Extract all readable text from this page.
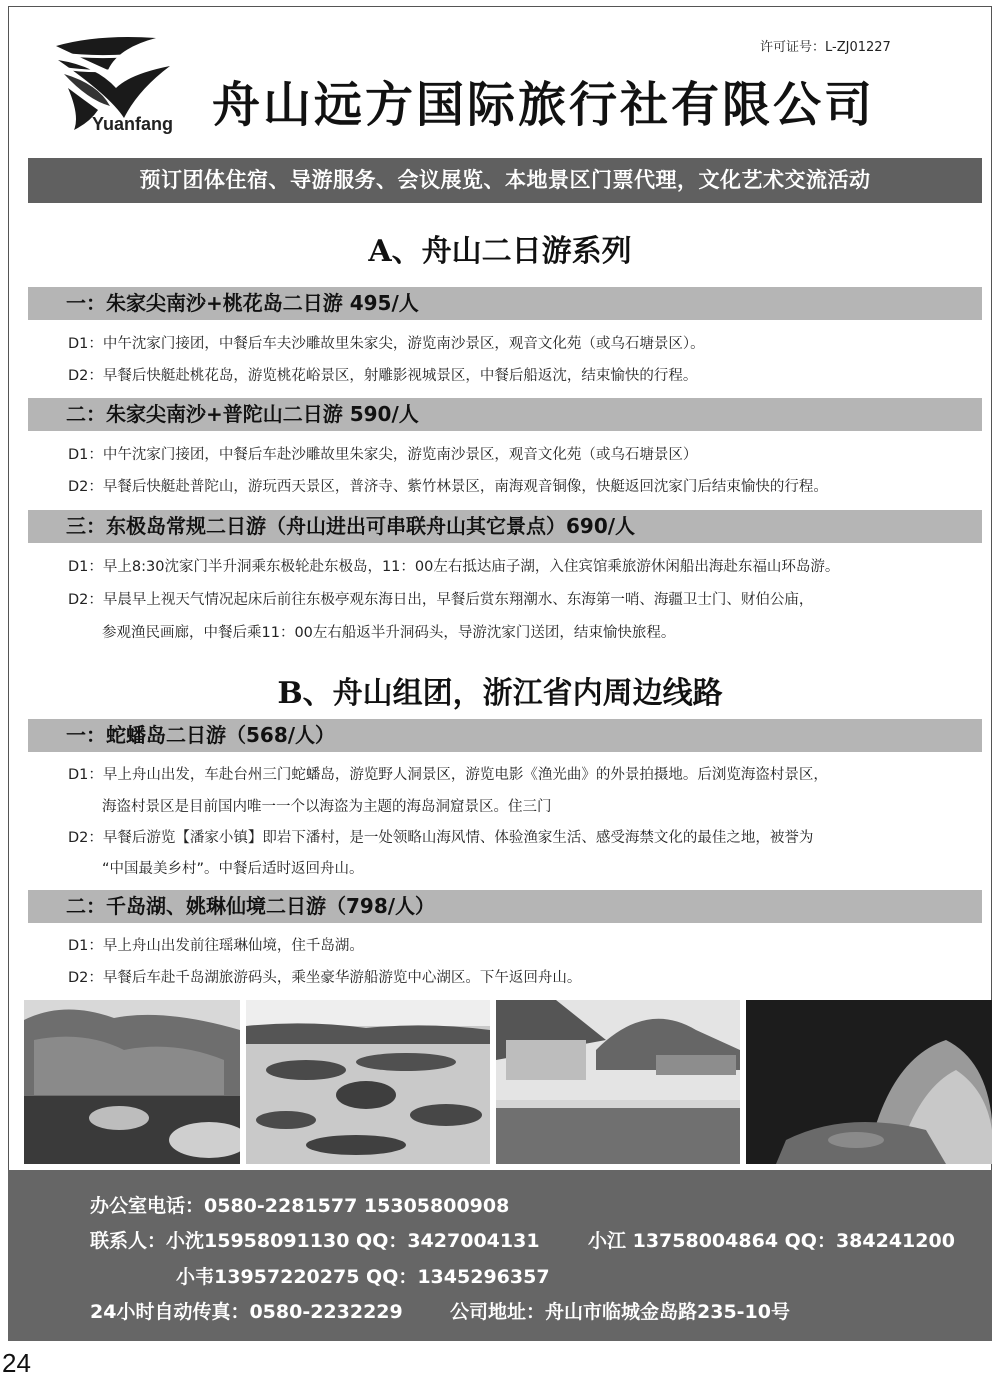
Yuanfang
许可证号：L-ZJ01227
舟山远方国际旅行社有限公司
预订团体住宿、导游服务、会议展览、本地景区门票代理，文化艺术交流活动
A、舟山二日游系列
一：朱家尖南沙+桃花岛二日游 495/人
D1：中午沈家门接团，中餐后车夫沙雕故里朱家尖，游览南沙景区，观音文化苑（或乌石塘景区）。
D2：早餐后快艇赴桃花岛，游览桃花峪景区，射雕影视城景区，中餐后船返沈，结束愉快的行程。
二：朱家尖南沙+普陀山二日游 590/人
D1：中午沈家门接团，中餐后车赴沙雕故里朱家尖，游览南沙景区，观音文化苑（或乌石塘景区）
D2：早餐后快艇赴普陀山，游玩西天景区，普济寺、紫竹林景区，南海观音铜像，快艇返回沈家门后结束愉快的行程。
三：东极岛常规二日游（舟山进出可串联舟山其它景点）690/人
D1：早上8:30沈家门半升洞乘东极轮赴东极岛，11：00左右抵达庙子湖，入住宾馆乘旅游休闲船出海赴东福山环岛游。
D2：早晨早上视天气情况起床后前往东极亭观东海日出，早餐后赏东翔潮水、东海第一哨、海疆卫士门、财伯公庙，
参观渔民画廊，中餐后乘11：00左右船返半升洞码头，导游沈家门送团，结束愉快旅程。
B、舟山组团，浙江省内周边线路
一：蛇蟠岛二日游（568/人）
D1：早上舟山出发，车赴台州三门蛇蟠岛，游览野人洞景区，游览电影《渔光曲》的外景拍摄地。后浏览海盗村景区，
海盗村景区是目前国内唯一一个以海盗为主题的海岛洞窟景区。住三门
D2：早餐后游览【潘家小镇】即岩下潘村，是一处领略山海风情、体验渔家生活、感受海禁文化的最佳之地，被誉为
“中国最美乡村”。中餐后适时返回舟山。
二：千岛湖、姚琳仙境二日游（798/人）
D1：早上舟山出发前往瑶琳仙境，住千岛湖。
D2：早餐后车赴千岛湖旅游码头，乘坐豪华游船游览中心湖区。下午返回舟山。
办公室电话：0580-2281577 15305800908
联系人：小沈15958091130 QQ：3427004131	小江 13758004864 QQ：384241200
小韦13957220275 QQ：1345296357
24小时自动传真：0580-2232229 公司地址：舟山市临城金岛路235-10号
24
